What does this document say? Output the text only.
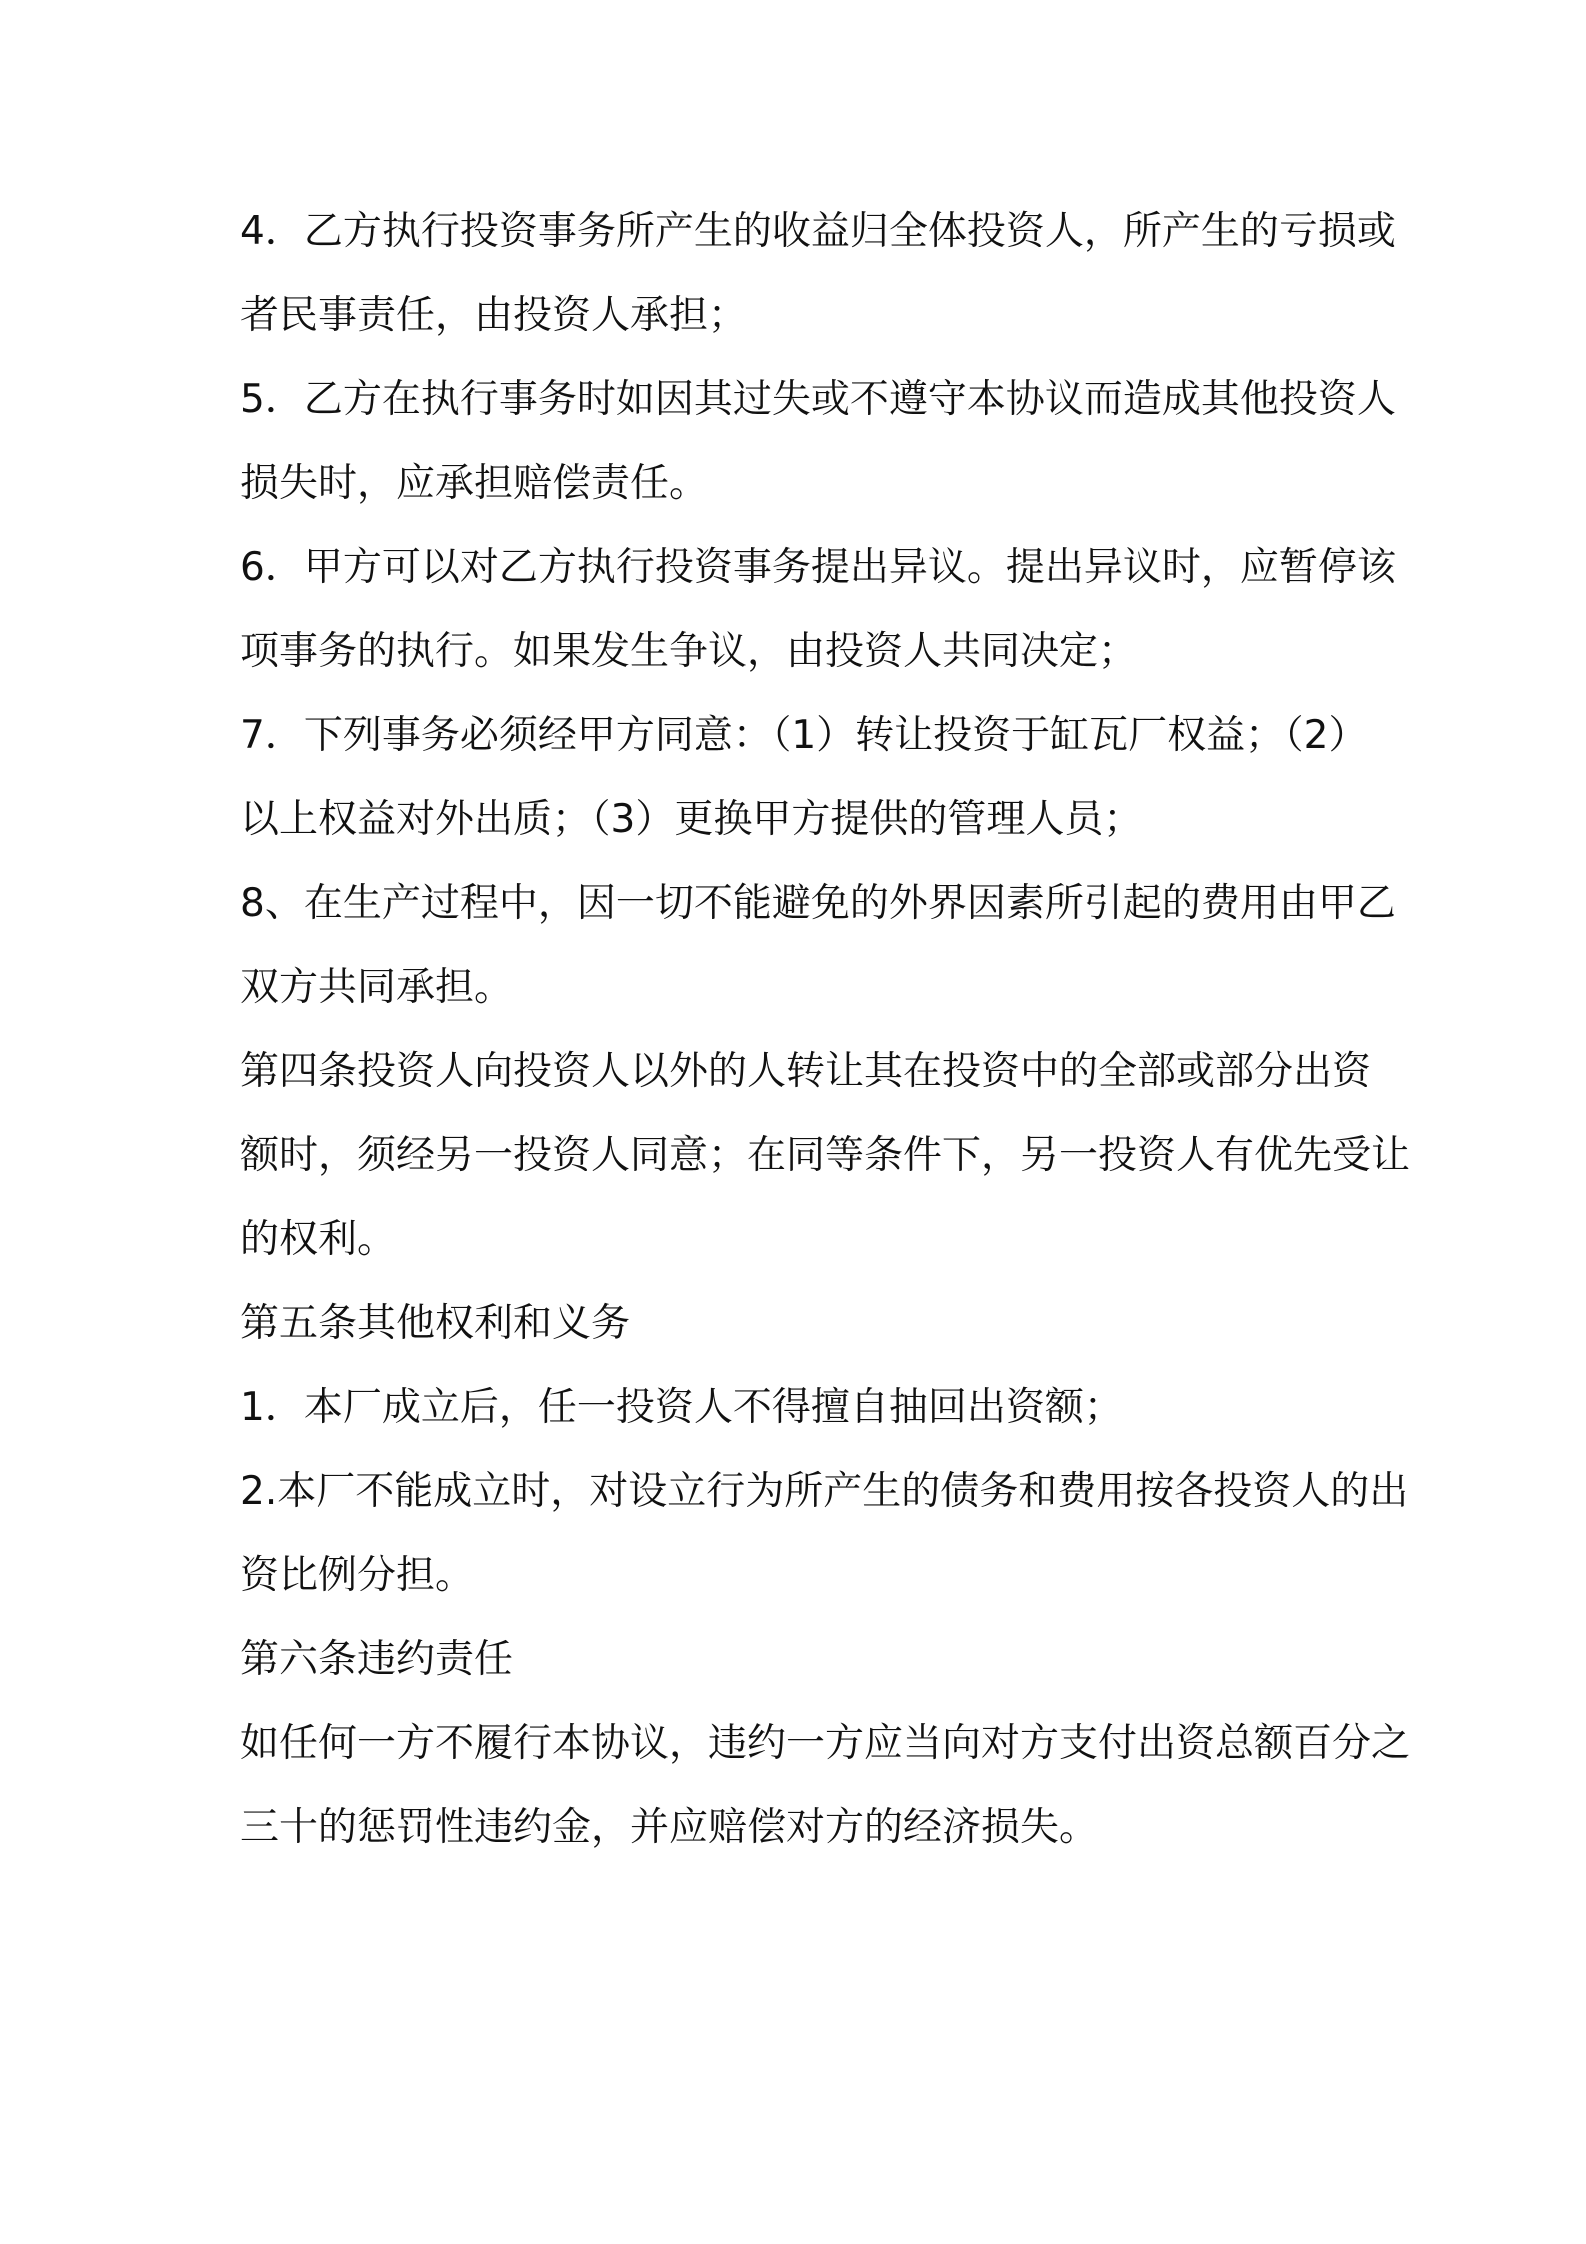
4．乙方执行投资事务所产生的收益归全体投资人，所产生的亏损或
者民事责任，由投资人承担；

5．乙方在执行事务时如因其过失或不遵守本协议而造成其他投资人
损失时，应承担赔偿责任。

6．甲方可以对乙方执行投资事务提出异议。提出异议时，应暂停该
项事务的执行。如果发生争议，由投资人共同决定；

7．下列事务必须经甲方同意：（1）转让投资于缸瓦厂权益；（2）
以上权益对外出质；（3）更换甲方提供的管理人员；

8、在生产过程中，因一切不能避免的外界因素所引起的费用由甲乙
双方共同承担。

第四条投资人向投资人以外的人转让其在投资中的全部或部分出资
额时，须经另一投资人同意；在同等条件下，另一投资人有优先受让
的权利。

第五条其他权利和义务

1．本厂成立后，任一投资人不得擅自抽回出资额；

2.本厂不能成立时，对设立行为所产生的债务和费用按各投资人的出
资比例分担。

第六条违约责任

如任何一方不履行本协议，违约一方应当向对方支付出资总额百分之
三十的惩罚性违约金，并应赔偿对方的经济损失。
